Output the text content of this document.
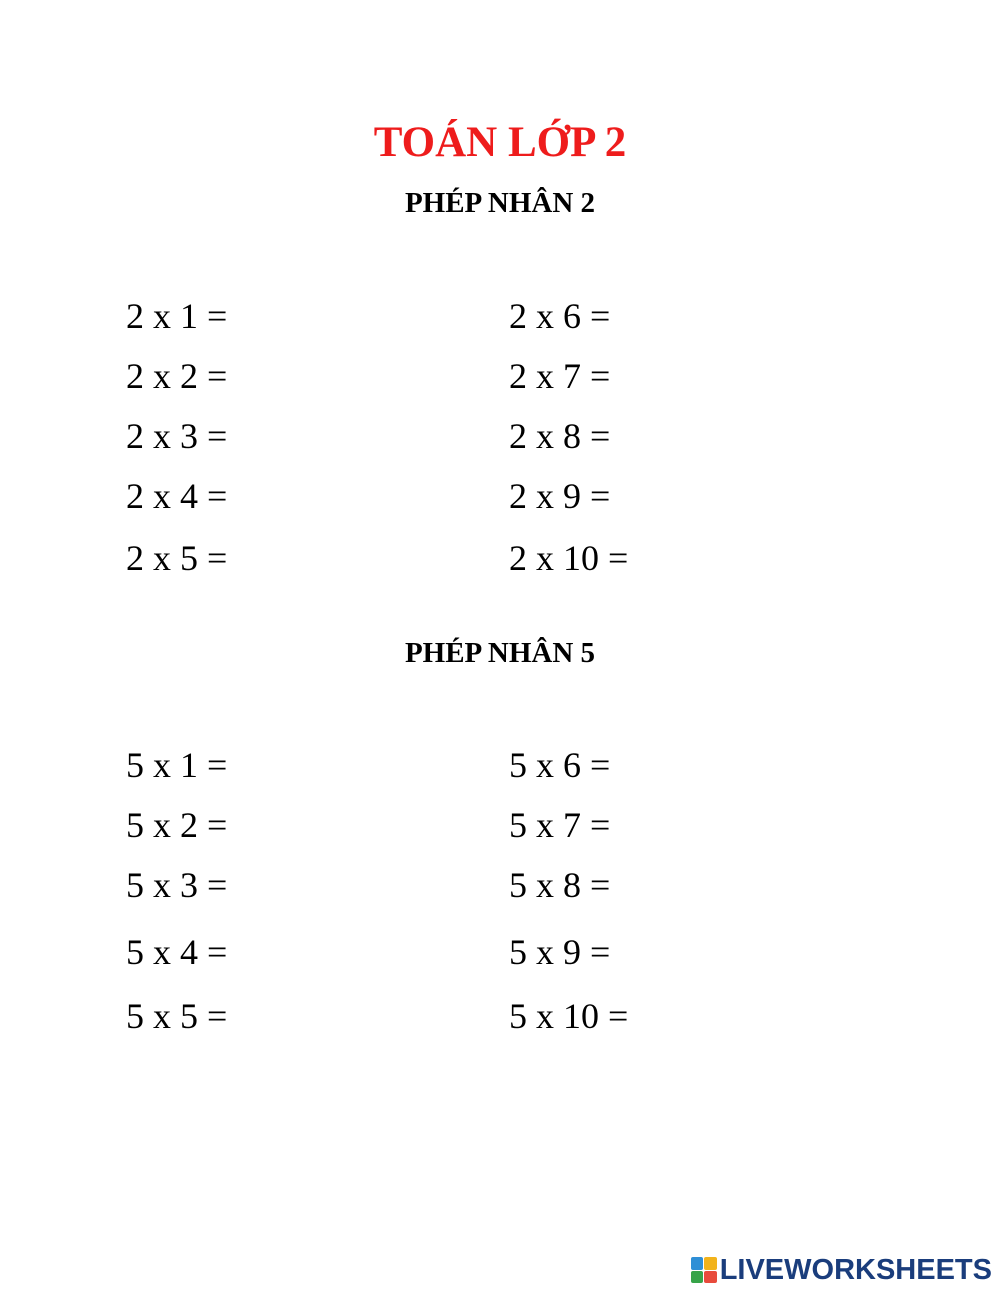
TOÁN LỚP 2
PHÉP NHÂN 2
2 x 1 =
2 x 2 =
2 x 3 =
2 x 4 =
2 x 5 =
2 x 6 =
2 x 7 =
2 x 8 =
2 x 9 =
2 x 10 =
PHÉP NHÂN 5
5 x 1 =
5 x 2 =
5 x 3 =
5 x 4 =
5 x 5 =
5 x 6 =
5 x 7 =
5 x 8 =
5 x 9 =
5 x 10 =
LIVEWORKSHEETS
